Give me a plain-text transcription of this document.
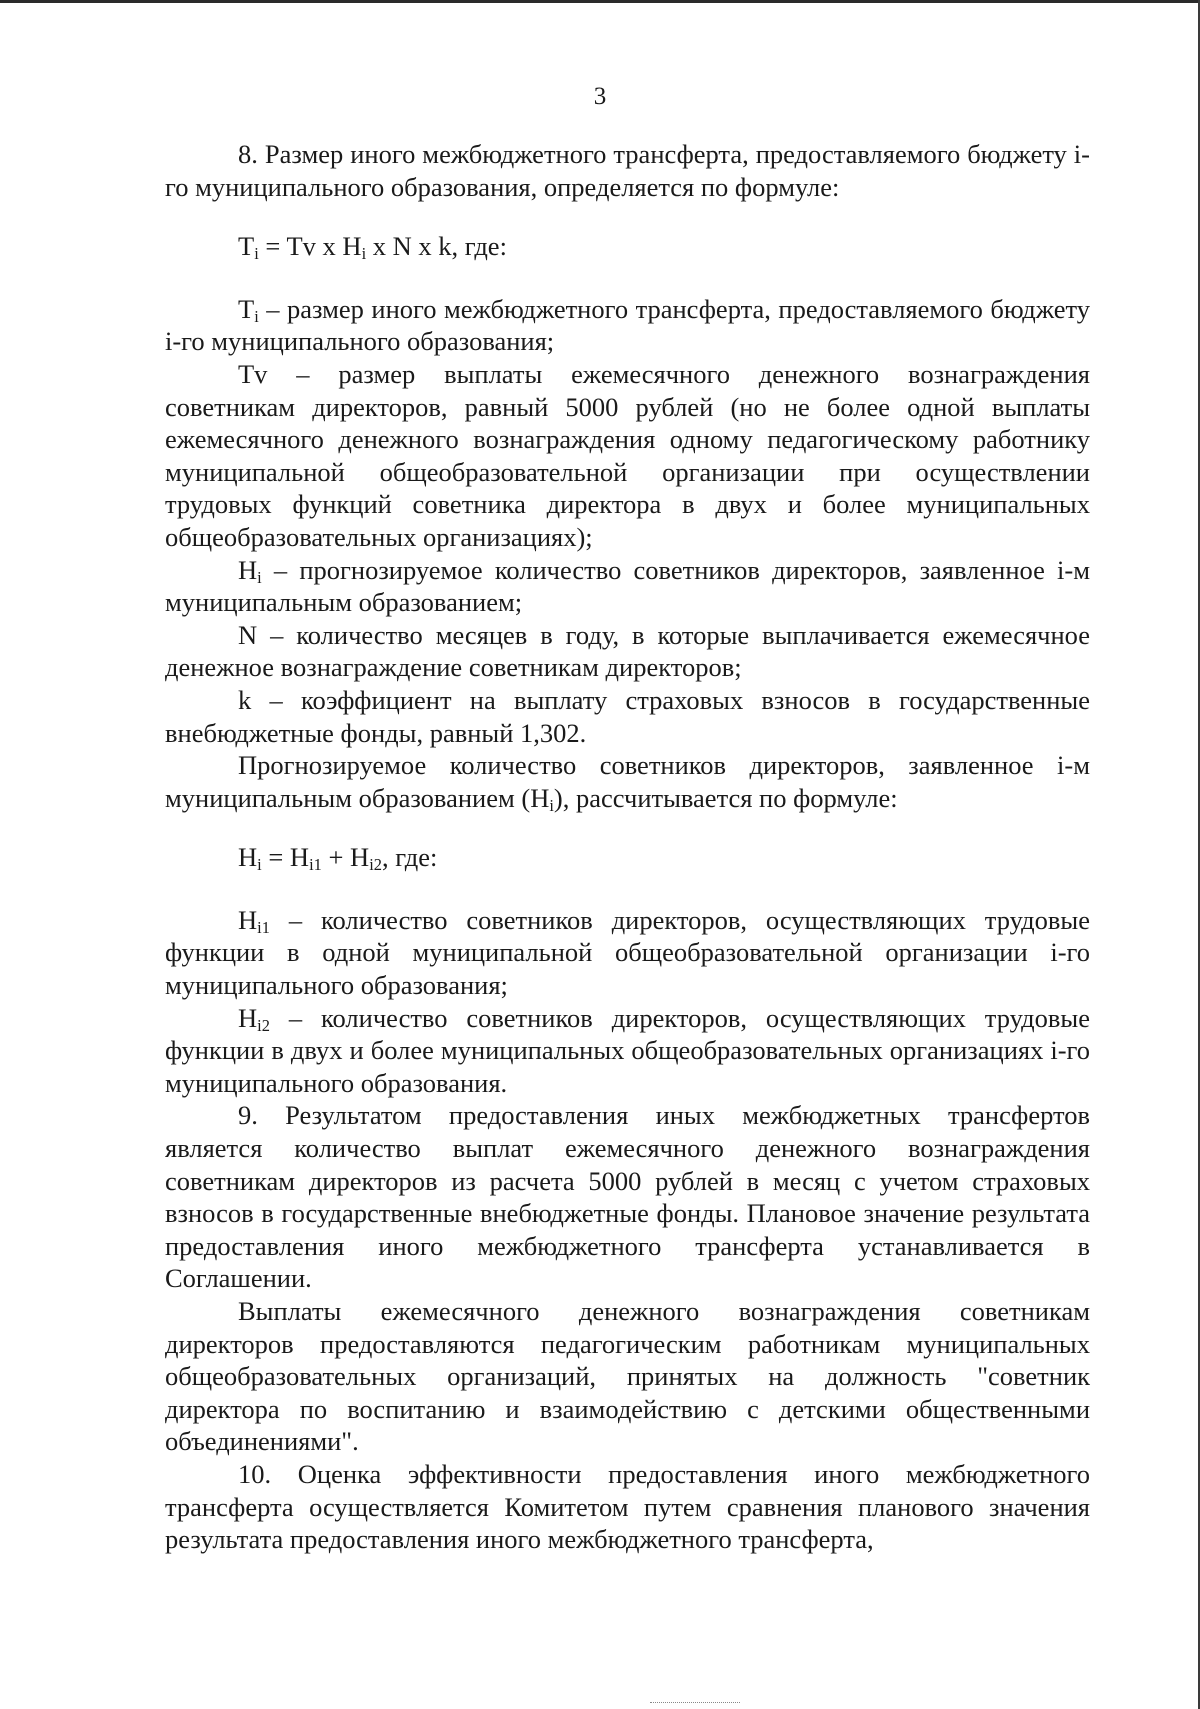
3

8. Размер иного межбюджетного трансферта, предоставляемого бюджету i-го муниципального образования, определяется по формуле:

$T_i = Tv$ x $H_i$ x N x k, где:

$T_i$ – размер иного межбюджетного трансферта, предоставляемого бюджету i-го муниципального образования;

Tv – размер выплаты ежемесячного денежного вознаграждения советникам директоров, равный 5000 рублей (но не более одной выплаты ежемесячного денежного вознаграждения одному педагогическому работнику муниципальной общеобразовательной организации при осуществлении трудовых функций советника директора в двух и более муниципальных общеобразовательных организациях);

$H_i$ – прогнозируемое количество советников директоров, заявленное i-м муниципальным образованием;

N – количество месяцев в году, в которые выплачивается ежемесячное денежное вознаграждение советникам директоров;

k – коэффициент на выплату страховых взносов в государственные внебюджетные фонды, равный 1,302.

Прогнозируемое количество советников директоров, заявленное i-м муниципальным образованием $(H_i)$, рассчитывается по формуле:

$H_i = H_{i1} + H_{i2}$, где:

$H_{i1}$ – количество советников директоров, осуществляющих трудовые функции в одной муниципальной общеобразовательной организации i-го муниципального образования;

$H_{i2}$ – количество советников директоров, осуществляющих трудовые функции в двух и более муниципальных общеобразовательных организациях i-го муниципального образования.

9. Результатом предоставления иных межбюджетных трансфертов является количество выплат ежемесячного денежного вознаграждения советникам директоров из расчета 5000 рублей в месяц с учетом страховых взносов в государственные внебюджетные фонды. Плановое значение результата предоставления иного межбюджетного трансферта устанавливается в Соглашении.

Выплаты ежемесячного денежного вознаграждения советникам директоров предоставляются педагогическим работникам муниципальных общеобразовательных организаций, принятых на должность "советник директора по воспитанию и взаимодействию с детскими общественными объединениями".

10. Оценка эффективности предоставления иного межбюджетного трансферта осуществляется Комитетом путем сравнения планового значения результата предоставления иного межбюджетного трансферта,
